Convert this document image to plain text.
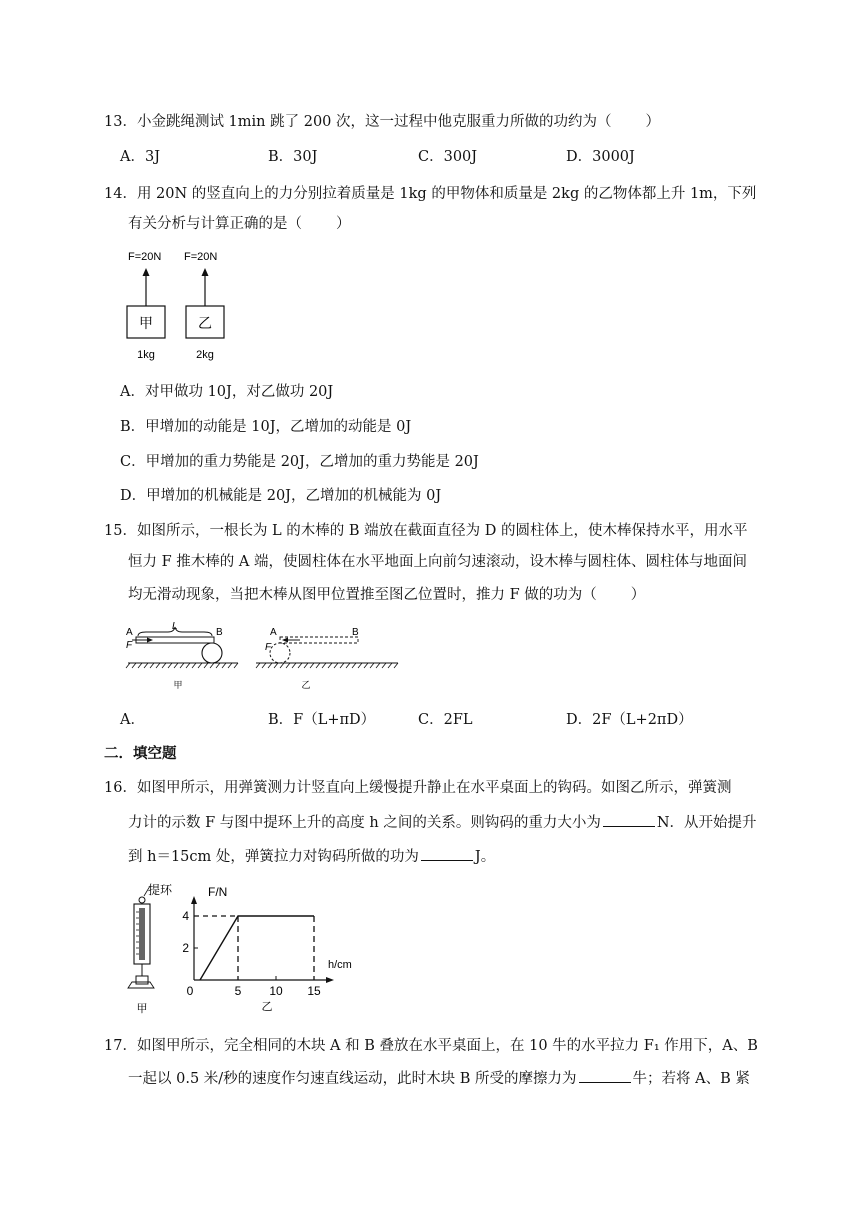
13．小金跳绳测试 1min 跳了 200 次，这一过程中他克服重力所做的功约为（ ）
A．3J	B．30J	C．300J	D．3000J
14．用 20N 的竖直向上的力分别拉着质量是 1kg 的甲物体和质量是 2kg 的乙物体都上升 1m，下列
有关分析与计算正确的是（ ）
F=20N F=20N
甲	乙
1kg	2kg
A．对甲做功 10J，对乙做功 20J
B．甲增加的动能是 10J，乙增加的动能是 0J
C．甲增加的重力势能是 20J，乙增加的重力势能是 20J
D．甲增加的机械能是 20J，乙增加的机械能为 0J
15．如图所示，一根长为 L 的木棒的 B 端放在截面直径为 D 的圆柱体上，使木棒保持水平，用水平
恒力 F 推木棒的 A 端，使圆柱体在水平地面上向前匀速滚动，设木棒与圆柱体、圆柱体与地面间
均无滑动现象，当把木棒从图甲位置推至图乙位置时，推力 F 做的功为（ ）
A
L
B
F
甲
A	B
F
乙
A．	B．F（L+πD）	C．2FL	D．2F（L+2πD）
二．填空题
16．如图甲所示，用弹簧测力计竖直向上缓慢提升静止在水平桌面上的钩码。如图乙所示，弹簧测
力计的示数 F 与图中提环上升的高度 h 之间的关系。则钩码的重力大小为	N．从开始提升
到 h＝15cm 处，弹簧拉力对钩码所做的功为	J。
提环
甲
F/N
h/cm
0	5 10 15
2
4
乙
17．如图甲所示，完全相同的木块 A 和 B 叠放在水平桌面上，在 10 牛的水平拉力 F₁ 作用下，A、B
一起以 0.5 米/秒的速度作匀速直线运动，此时木块 B 所受的摩擦力为	牛；若将 A、B 紧
